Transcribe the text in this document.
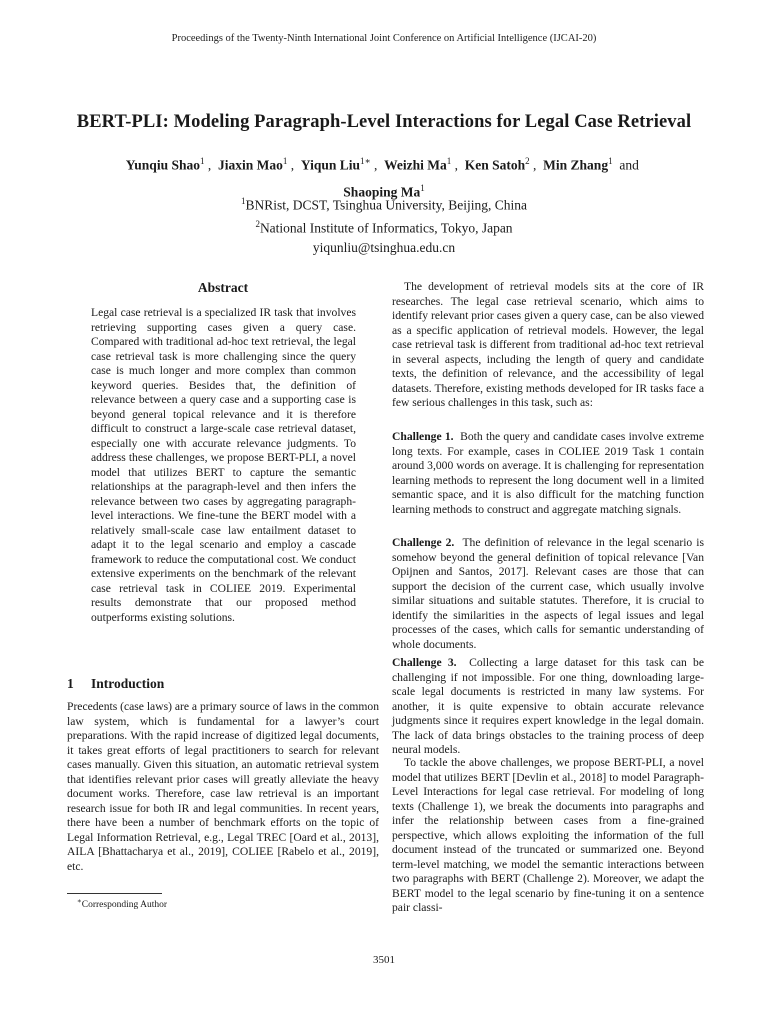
Proceedings of the Twenty-Ninth International Joint Conference on Artificial Intelligence (IJCAI-20)
BERT-PLI: Modeling Paragraph-Level Interactions for Legal Case Retrieval
Yunqiu Shao$^1$ ,  Jiaxin Mao$^1$ ,  Yiqun Liu$^{1∗}$ ,  Weizhi Ma$^1$ ,  Ken Satoh$^2$ ,  Min Zhang$^1$  and  Shaoping Ma$^1$
$^1$BNRist, DCST, Tsinghua University, Beijing, China
$^2$National Institute of Informatics, Tokyo, Japan
yiqunliu@tsinghua.edu.cn
Abstract
Legal case retrieval is a specialized IR task that involves retrieving supporting cases given a query case. Compared with traditional ad-hoc text retrieval, the legal case retrieval task is more challenging since the query case is much longer and more complex than common keyword queries. Besides that, the definition of relevance between a query case and a supporting case is beyond general topical relevance and it is therefore difficult to construct a large-scale case retrieval dataset, especially one with accurate relevance judgments. To address these challenges, we propose BERT-PLI, a novel model that utilizes BERT to capture the semantic relationships at the paragraph-level and then infers the relevance between two cases by aggregating paragraph-level interactions. We fine-tune the BERT model with a relatively small-scale case law entailment dataset to adapt it to the legal scenario and employ a cascade framework to reduce the computational cost. We conduct extensive experiments on the benchmark of the relevant case retrieval task in COLIEE 2019. Experimental results demonstrate that our proposed method outperforms existing solutions.
1 Introduction
Precedents (case laws) are a primary source of laws in the common law system, which is fundamental for a lawyer’s court preparations. With the rapid increase of digitized legal documents, it takes great efforts of legal practitioners to search for relevant cases manually. Given this situation, an automatic retrieval system that identifies relevant prior cases will greatly alleviate the heavy document works. Therefore, case law retrieval is an important research issue for both IR and legal communities. In recent years, there have been a number of benchmark efforts on the topic of Legal Information Retrieval, e.g., Legal TREC [Oard et al., 2013], AILA [Bhattacharya et al., 2019], COLIEE [Rabelo et al., 2019], etc.
∗Corresponding Author
The development of retrieval models sits at the core of IR researches. The legal case retrieval scenario, which aims to identify relevant prior cases given a query case, can be also viewed as a specific application of retrieval models. However, the legal case retrieval task is different from traditional ad-hoc text retrieval in several aspects, including the length of query and candidate texts, the definition of relevance, and the accessibility of legal datasets. Therefore, existing methods developed for IR tasks face a few serious challenges in this task, such as:
Challenge 1. Both the query and candidate cases involve extreme long texts. For example, cases in COLIEE 2019 Task 1 contain around 3,000 words on average. It is challenging for representation learning methods to represent the long document well in a limited semantic space, and it is also difficult for the matching function learning methods to construct and aggregate matching signals.
Challenge 2. The definition of relevance in the legal scenario is somehow beyond the general definition of topical relevance [Van Opijnen and Santos, 2017]. Relevant cases are those that can support the decision of the current case, which usually involve similar situations and suitable statutes. Therefore, it is crucial to identify the similarities in the aspects of legal issues and legal processes of the cases, which calls for semantic understanding of whole documents.
Challenge 3. Collecting a large dataset for this task can be challenging if not impossible. For one thing, downloading large-scale legal documents is restricted in many law systems. For another, it is quite expensive to obtain accurate relevance judgments since it requires expert knowledge in the legal domain. The lack of data brings obstacles to the training process of deep neural models.
To tackle the above challenges, we propose BERT-PLI, a novel model that utilizes BERT [Devlin et al., 2018] to model Paragraph-Level Interactions for legal case retrieval. For modeling of long texts (Challenge 1), we break the documents into paragraphs and infer the relationship between cases from a fine-grained perspective, which allows exploiting the information of the full document instead of the truncated or summarized one. Beyond term-level matching, we model the semantic interactions between two paragraphs with BERT (Challenge 2). Moreover, we adapt the BERT model to the legal scenario by fine-tuning it on a sentence pair classi-
3501
